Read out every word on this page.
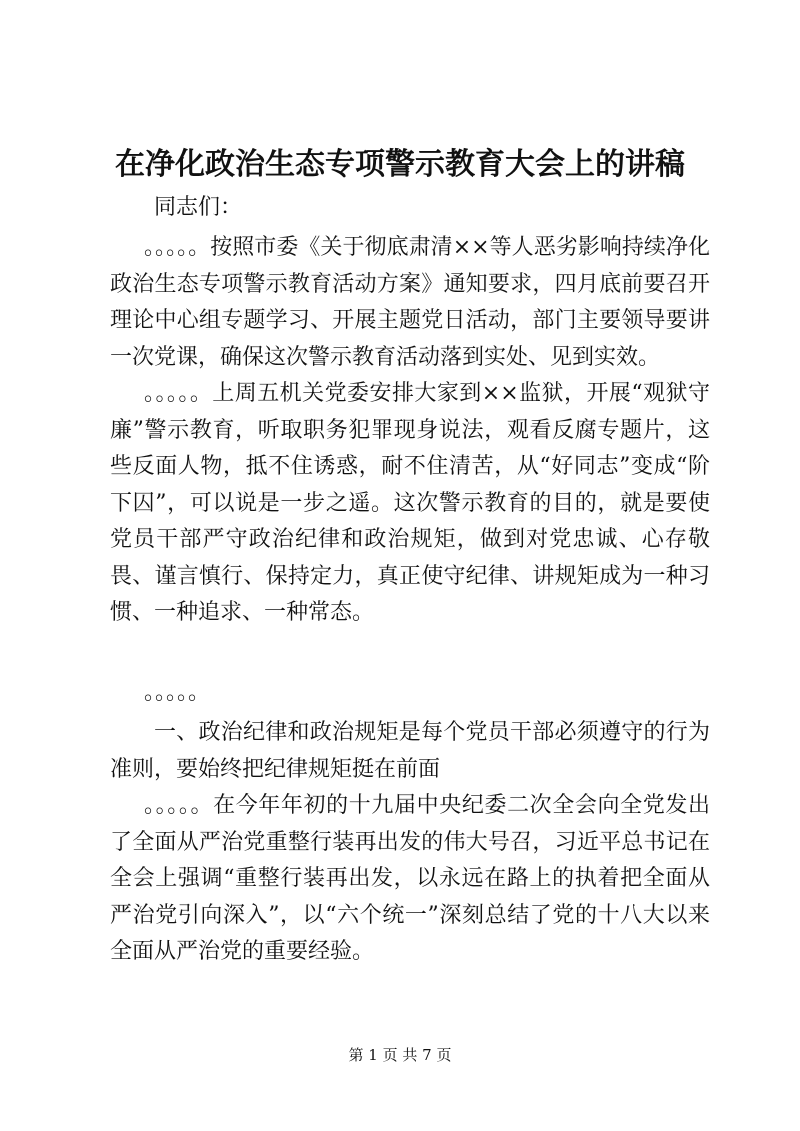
在净化政治生态专项警示教育大会上的讲稿

同志们：

。。。。。按照市委《关于彻底肃清××等人恶劣影响持续净化政治生态专项警示教育活动方案》通知要求，四月底前要召开理论中心组专题学习、开展主题党日活动，部门主要领导要讲一次党课，确保这次警示教育活动落到实处、见到实效。

。。。。。上周五机关党委安排大家到××监狱，开展“观狱守廉”警示教育，听取职务犯罪现身说法，观看反腐专题片，这些反面人物，抵不住诱惑，耐不住清苦，从“好同志”变成“阶下囚”，可以说是一步之遥。这次警示教育的目的，就是要使党员干部严守政治纪律和政治规矩，做到对党忠诚、心存敬畏、谨言慎行、保持定力，真正使守纪律、讲规矩成为一种习惯、一种追求、一种常态。

。。。。。

一、政治纪律和政治规矩是每个党员干部必须遵守的行为准则，要始终把纪律规矩挺在前面

。。。。。在今年年初的十九届中央纪委二次全会向全党发出了全面从严治党重整行装再出发的伟大号召，习近平总书记在全会上强调“重整行装再出发，以永远在路上的执着把全面从严治党引向深入”，以“六个统一”深刻总结了党的十八大以来全面从严治党的重要经验。

第 1 页 共 7 页
